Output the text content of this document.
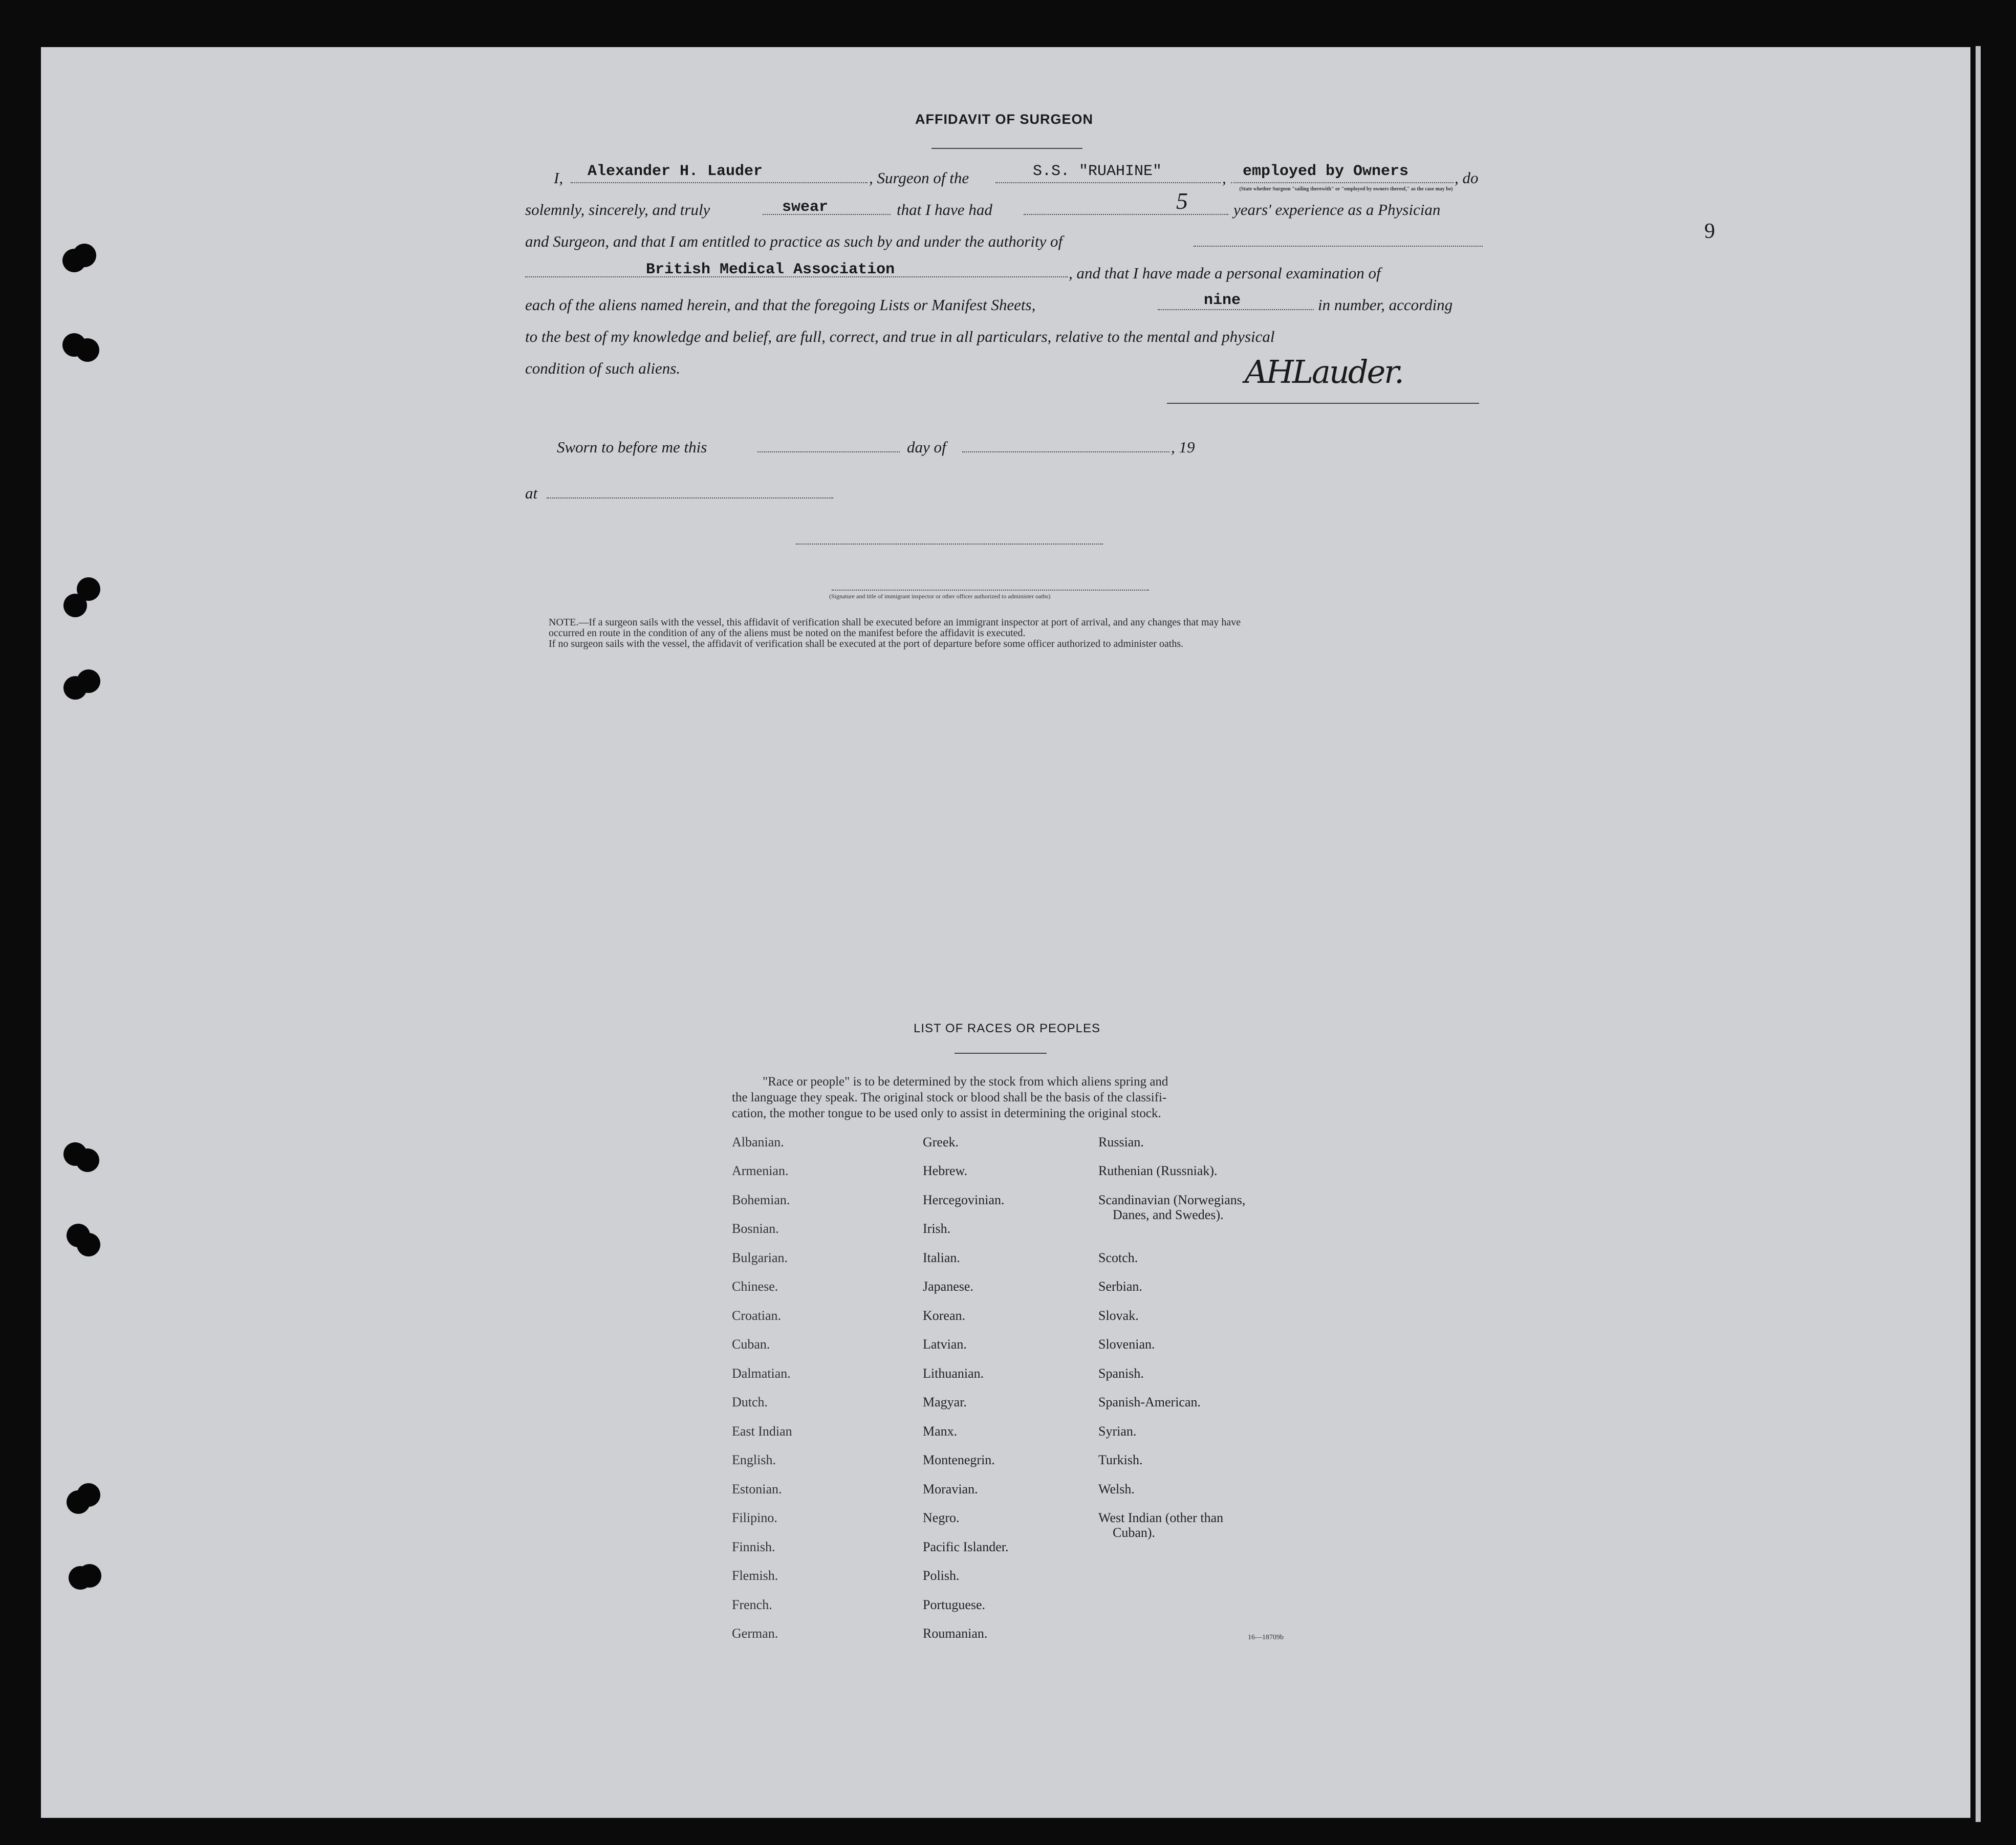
9
AFFIDAVIT OF SURGEON
I, Alexander H. Lauder	, Surgeon of the	S.S. "RUAHINE"	, employed by Owners	, do
(State whether Surgeon "sailing therewith" or "employed by owners thereof," as the case may be)
solemnly, sincerely, and truly	swear	that I have had	5	years' experience as a Physician
and Surgeon, and that I am entitled to practice as such by and under the authority of
British Medical Association	, and that I have made a personal examination of
each of the aliens named herein, and that the foregoing Lists or Manifest Sheets,	nine	in number, according
to the best of my knowledge and belief, are full, correct, and true in all particulars, relative to the mental and physical
condition of such aliens.	AHLauder.
Sworn to before me this	day of	, 19
at
(Signature and title of immigrant inspector or other officer authorized to administer oaths)
NOTE.—If a surgeon sails with the vessel, this affidavit of verification shall be executed before an immigrant inspector at port of arrival, and any changes that may have
occurred en route in the condition of any of the aliens must be noted on the manifest before the affidavit is executed.
If no surgeon sails with the vessel, the affidavit of verification shall be executed at the port of departure before some officer authorized to administer oaths.
LIST OF RACES OR PEOPLES
"Race or people" is to be determined by the stock from which aliens spring and
the language they speak. The original stock or blood shall be the basis of the classifi-
cation, the mother tongue to be used only to assist in determining the original stock.
Albanian.
Armenian.
Bohemian.
Bosnian.
Bulgarian.
Chinese.
Croatian.
Cuban.
Dalmatian.
Dutch.
East Indian
English.
Estonian.
Filipino.
Finnish.
Flemish.
French.
German.
Greek.
Hebrew.
Hercegovinian.
Irish.
Italian.
Japanese.
Korean.
Latvian.
Lithuanian.
Magyar.
Manx.
Montenegrin.
Moravian.
Negro.
Pacific Islander.
Polish.
Portuguese.
Roumanian.
Russian.
Ruthenian (Russniak).
Scandinavian (Norwegians,
Danes, and Swedes).
Scotch.
Serbian.
Slovak.
Slovenian.
Spanish.
Spanish-American.
Syrian.
Turkish.
Welsh.
West Indian (other than
Cuban).
16—18709b
